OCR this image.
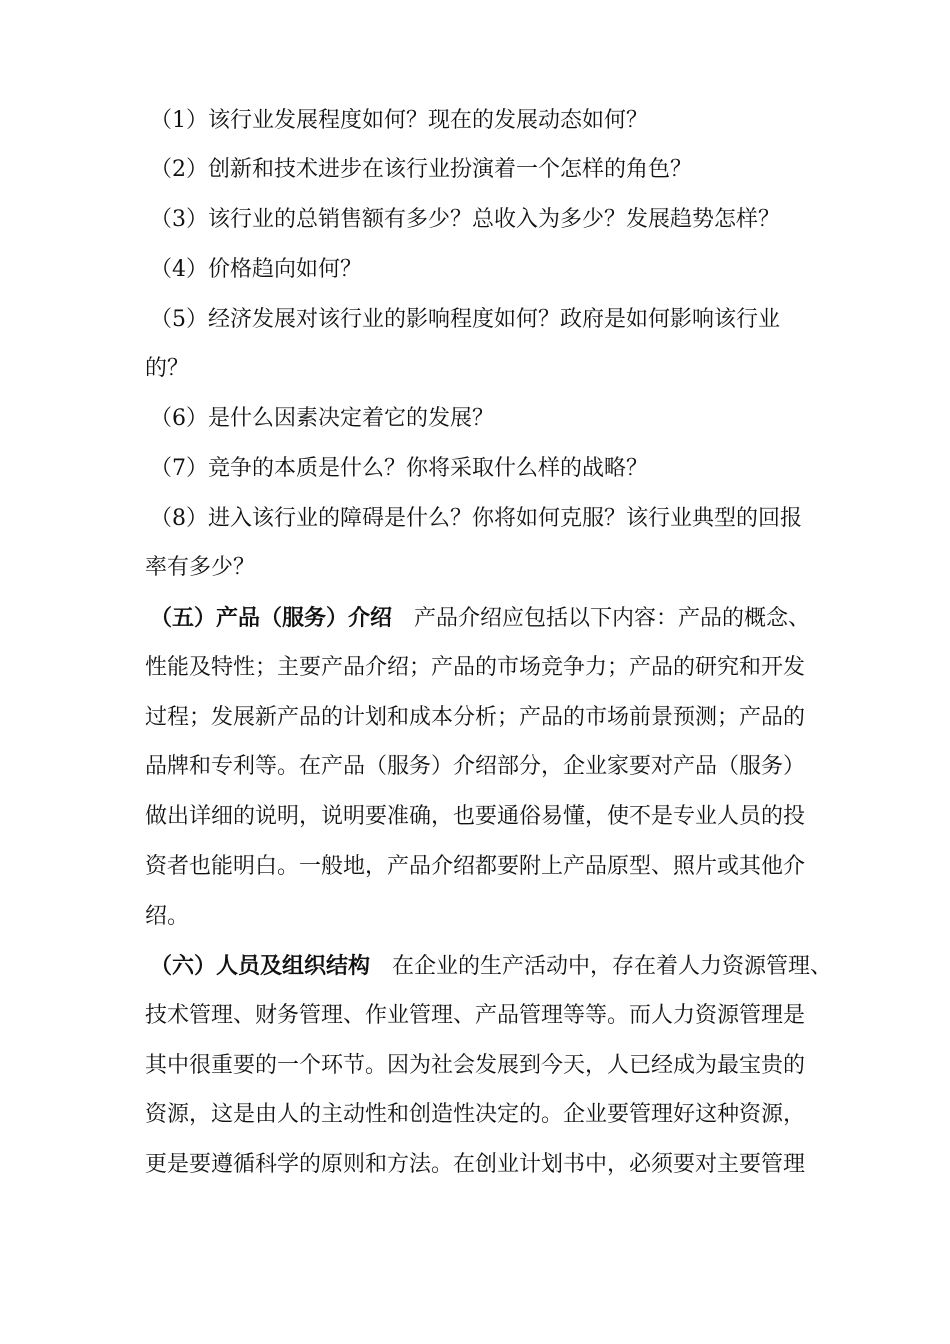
（1）该行业发展程度如何？现在的发展动态如何？
（2）创新和技术进步在该行业扮演着一个怎样的角色？
（3）该行业的总销售额有多少？总收入为多少？发展趋势怎样？
（4）价格趋向如何？
（5）经济发展对该行业的影响程度如何？政府是如何影响该行业
的？
（6）是什么因素决定着它的发展？
（7）竞争的本质是什么？你将采取什么样的战略？
（8）进入该行业的障碍是什么？你将如何克服？该行业典型的回报
率有多少？
（五）产品（服务）介绍　产品介绍应包括以下内容：产品的概念、
性能及特性；主要产品介绍；产品的市场竞争力；产品的研究和开发
过程；发展新产品的计划和成本分析；产品的市场前景预测；产品的
品牌和专利等。在产品（服务）介绍部分，企业家要对产品（服务）
做出详细的说明，说明要准确，也要通俗易懂，使不是专业人员的投
资者也能明白。一般地，产品介绍都要附上产品原型、照片或其他介
绍。
（六）人员及组织结构　在企业的生产活动中，存在着人力资源管理、
技术管理、财务管理、作业管理、产品管理等等。而人力资源管理是
其中很重要的一个环节。因为社会发展到今天，人已经成为最宝贵的
资源，这是由人的主动性和创造性决定的。企业要管理好这种资源，
更是要遵循科学的原则和方法。在创业计划书中，必须要对主要管理
